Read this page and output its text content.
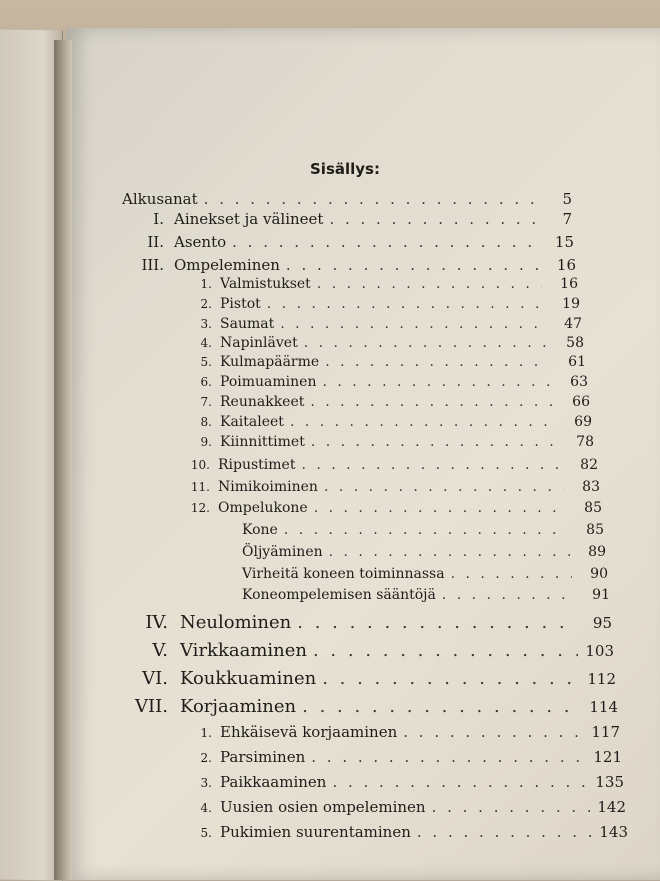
Sisällys:
Alkusanat . . .	5
I. Ainekset ja välineet . . .	7
II. Asento . . .	15
III. Ompeleminen . . .	16
1. Valmistukset . . .	16
2. Pistot . . .	19
3. Saumat . . .	47
4. Napinlävet . . .	58
5. Kulmapäärme . . .	61
6. Poimuaminen . . .	63
7. Reunakkeet . . .	66
8. Kaitaleet . . .	69
9. Kiinnittimet . . .	78
10. Ripustimet . . .	82
11. Nimikoiminen . . .	83
12. Ompelukone . . .	85
Kone . . .	85
Öljyäminen . . .	89
Virheitä koneen toiminnassa . . .	90
Koneompelemisen sääntöjä . . .	91
IV. Neulominen . . .	95
V. Virkkaaminen . . .	103
VI. Koukkuaminen . . .	112
VII. Korjaaminen . . .	114
1. Ehkäisevä korjaaminen . . .	117
2. Parsiminen . . .	121
3. Paikkaaminen . . .	135
4. Uusien osien ompeleminen . . .	142
5. Pukimien suurentaminen . . .	143
